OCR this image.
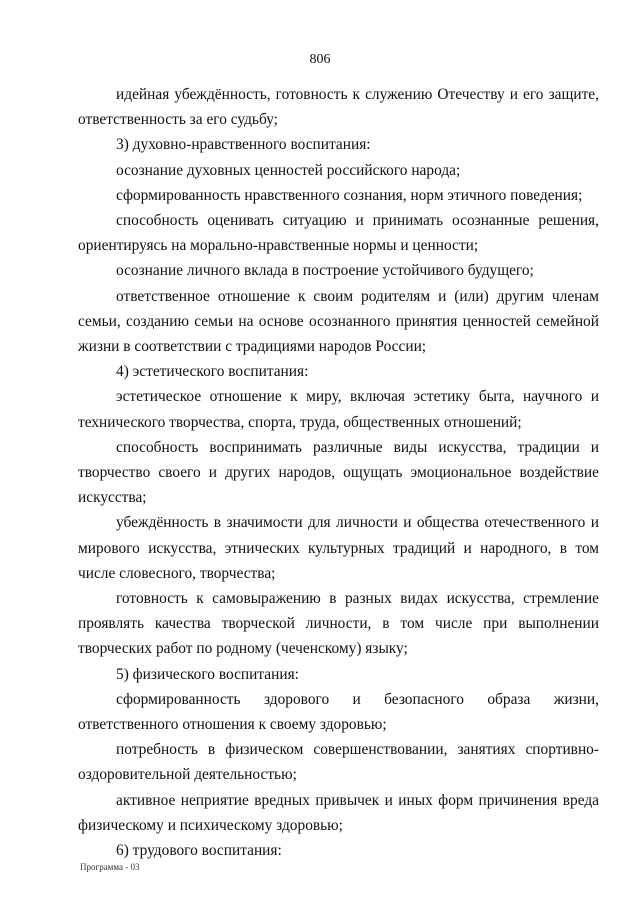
806

идейная убеждённость, готовность к служению Отечеству и его защите, ответственность за его судьбу;

3) духовно-нравственного воспитания:

осознание духовных ценностей российского народа;

сформированность нравственного сознания, норм этичного поведения;

способность оценивать ситуацию и принимать осознанные решения, ориентируясь на морально-нравственные нормы и ценности;

осознание личного вклада в построение устойчивого будущего;

ответственное отношение к своим родителям и (или) другим членам семьи, созданию семьи на основе осознанного принятия ценностей семейной жизни в соответствии с традициями народов России;

4) эстетического воспитания:

эстетическое отношение к миру, включая эстетику быта, научного и технического творчества, спорта, труда, общественных отношений;

способность воспринимать различные виды искусства, традиции и творчество своего и других народов, ощущать эмоциональное воздействие искусства;

убеждённость в значимости для личности и общества отечественного и мирового искусства, этнических культурных традиций и народного, в том числе словесного, творчества;

готовность к самовыражению в разных видах искусства, стремление проявлять качества творческой личности, в том числе при выполнении творческих работ по родному (чеченскому) языку;

5) физического воспитания:

сформированность здорового и безопасного образа жизни, ответственного отношения к своему здоровью;

потребность в физическом совершенствовании, занятиях спортивно-оздоровительной деятельностью;

активное неприятие вредных привычек и иных форм причинения вреда физическому и психическому здоровью;

6) трудового воспитания:

Программа - 03
